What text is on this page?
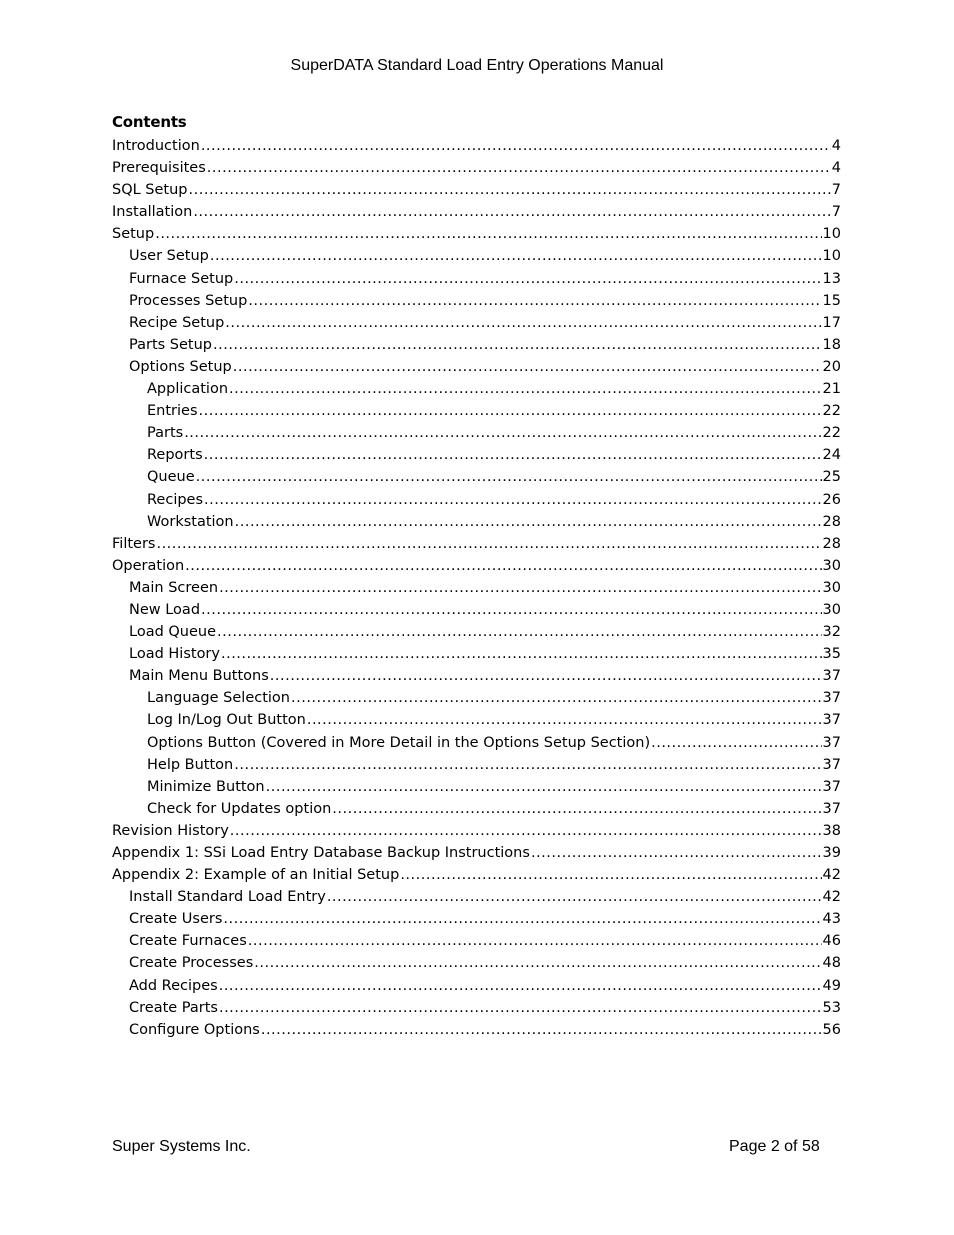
SuperDATA Standard Load Entry Operations Manual
Contents
Introduction .....	4
Prerequisites .....	4
SQL Setup .....	7
Installation .....	7
Setup .....	10
User Setup .....	10
Furnace Setup .....	13
Processes Setup .....	15
Recipe Setup .....	17
Parts Setup .....	18
Options Setup .....	20
Application .....	21
Entries .....	22
Parts .....	22
Reports .....	24
Queue .....	25
Recipes .....	26
Workstation .....	28
Filters .....	28
Operation .....	30
Main Screen .....	30
New Load .....	30
Load Queue .....	32
Load History .....	35
Main Menu Buttons .....	37
Language Selection .....	37
Log In/Log Out Button .....	37
Options Button (Covered in More Detail in the Options Setup Section) .....	37
Help Button .....	37
Minimize Button .....	37
Check for Updates option .....	37
Revision History .....	38
Appendix 1: SSi Load Entry Database Backup Instructions .....	39
Appendix 2: Example of an Initial Setup .....	42
Install Standard Load Entry .....	42
Create Users .....	43
Create Furnaces .....	46
Create Processes .....	48
Add Recipes .....	49
Create Parts .....	53
Configure Options .....	56
Super Systems Inc.	Page 2 of 58
